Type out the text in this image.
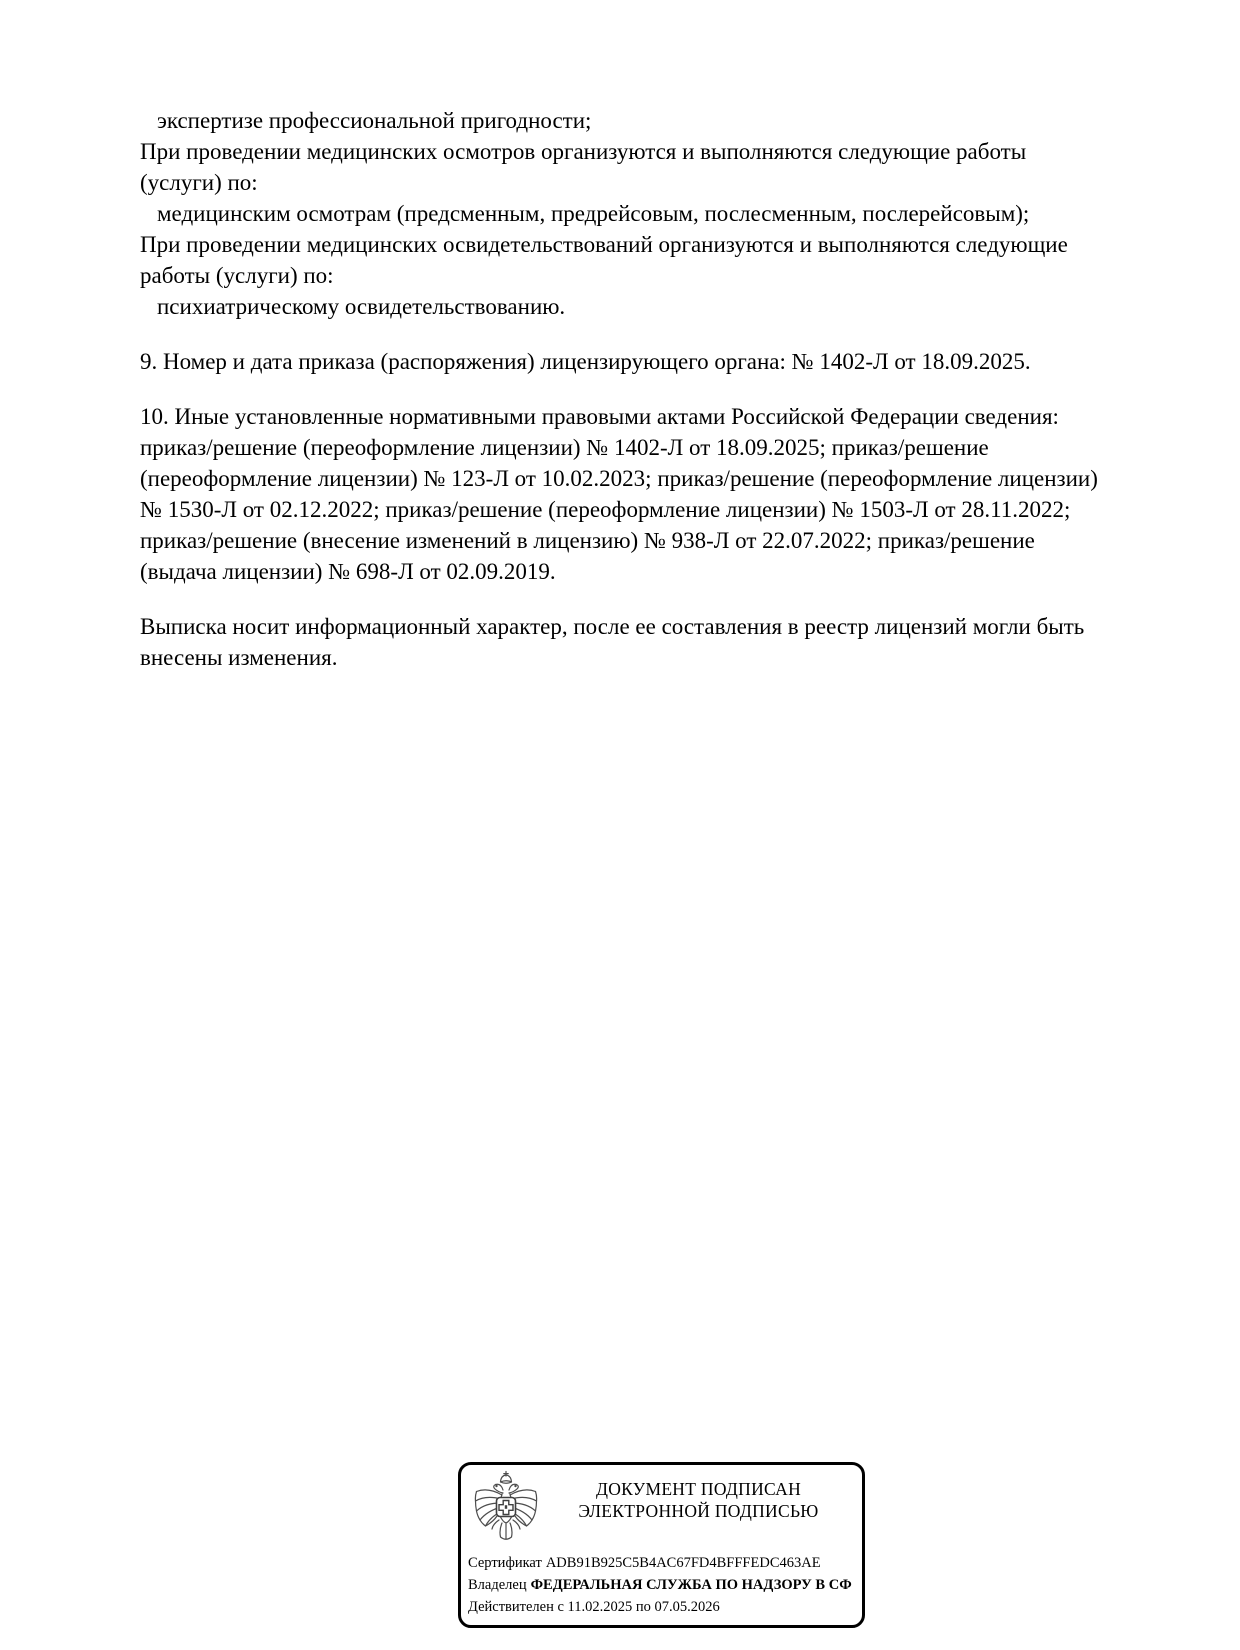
экспертизе профессиональной пригодности;
При проведении медицинских осмотров организуются и выполняются следующие работы
(услуги) по:
медицинским осмотрам (предсменным, предрейсовым, послесменным, послерейсовым);
При проведении медицинских освидетельствований организуются и выполняются следующие
работы (услуги) по:
психиатрическому освидетельствованию.
9. Номер и дата приказа (распоряжения) лицензирующего органа: № 1402-Л от 18.09.2025.
10. Иные установленные нормативными правовыми актами Российской Федерации сведения:
приказ/решение (переоформление лицензии) № 1402-Л от 18.09.2025; приказ/решение
(переоформление лицензии) № 123-Л от 10.02.2023; приказ/решение (переоформление лицензии)
№ 1530-Л от 02.12.2022; приказ/решение (переоформление лицензии) № 1503-Л от 28.11.2022;
приказ/решение (внесение изменений в лицензию) № 938-Л от 22.07.2022; приказ/решение
(выдача лицензии) № 698-Л от 02.09.2019.
Выписка носит информационный характер, после ее составления в реестр лицензий могли быть
внесены изменения.
ДОКУМЕНТ ПОДПИСАН
ЭЛЕКТРОННОЙ ПОДПИСЬЮ
Сертификат ADB91B925C5B4AC67FD4BFFFEDC463AE
Владелец ФЕДЕРАЛЬНАЯ СЛУЖБА ПО НАДЗОРУ В СФ
Действителен с 11.02.2025 по 07.05.2026
